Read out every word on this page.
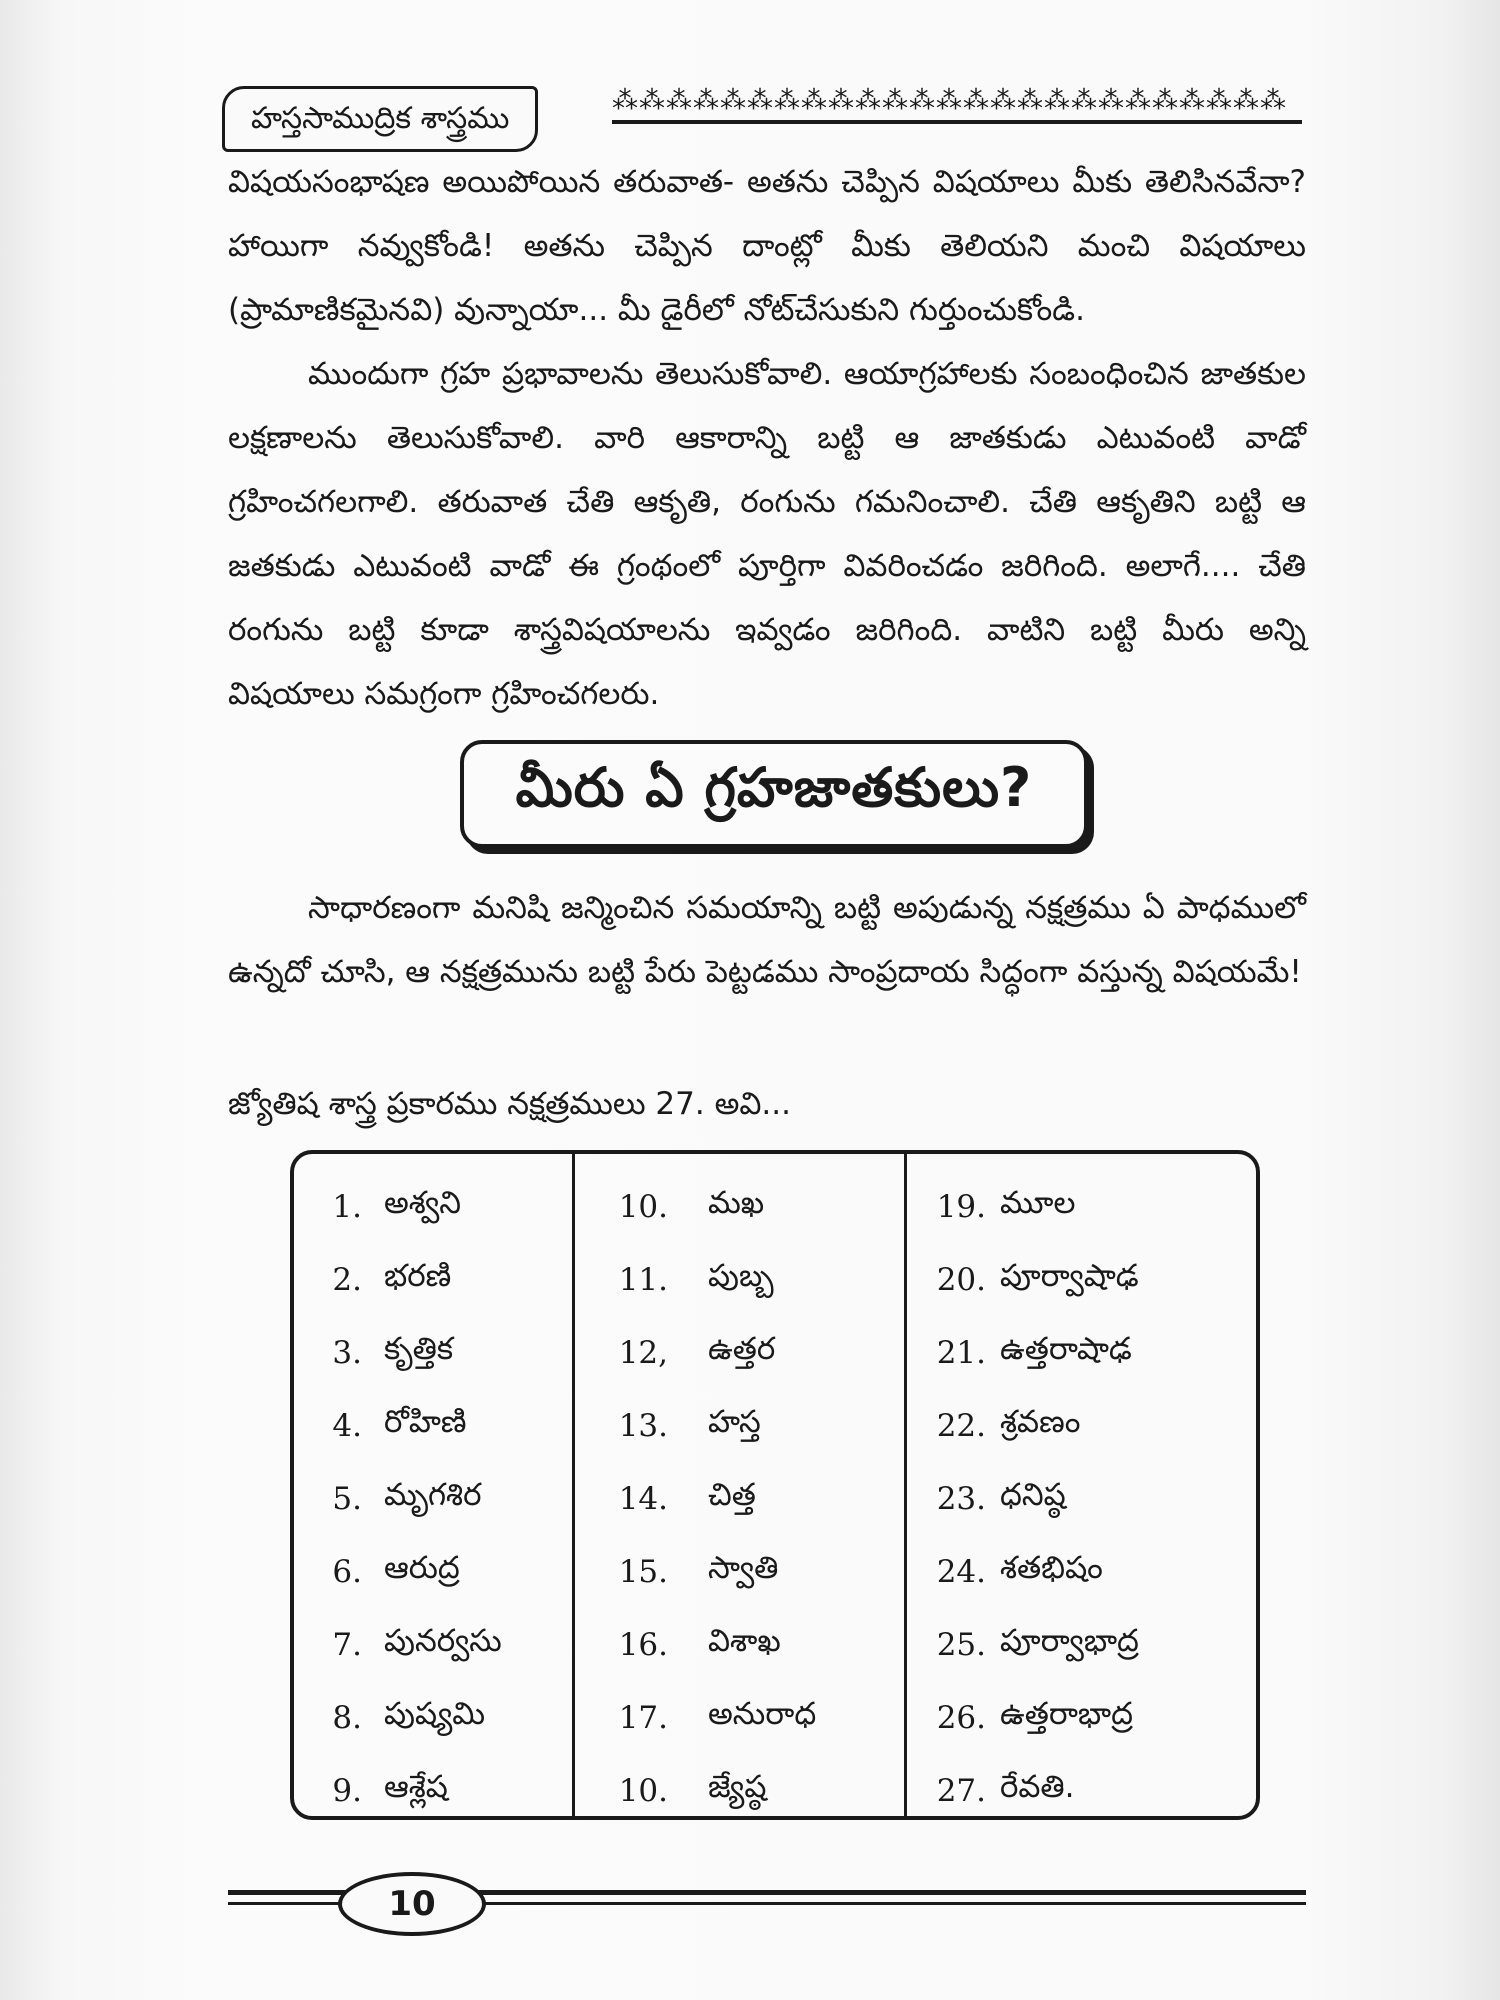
హస్తసాముద్రిక శాస్త్రము	⁂⁂⁂⁂⁂⁂⁂⁂⁂⁂⁂⁂⁂⁂⁂⁂⁂⁂⁂⁂⁂⁂⁂⁂⁂

విషయసంభాషణ అయిపోయిన తరువాత- అతను చెప్పిన విషయాలు మీకు తెలిసినవేనా? హాయిగా నవ్వుకోండి! అతను చెప్పిన దాంట్లో మీకు తెలియని మంచి విషయాలు (ప్రామాణికమైనవి) వున్నాయా... మీ డైరీలో నోట్‌చేసుకుని గుర్తుంచుకోండి.

ముందుగా గ్రహ ప్రభావాలను తెలుసుకోవాలి. ఆయాగ్రహాలకు సంబంధించిన జాతకుల లక్షణాలను తెలుసుకోవాలి. వారి ఆకారాన్ని బట్టి ఆ జాతకుడు ఎటువంటి వాడో గ్రహించగలగాలి. తరువాత చేతి ఆకృతి, రంగును గమనించాలి. చేతి ఆకృతిని బట్టి ఆ జతకుడు ఎటువంటి వాడో ఈ గ్రంథంలో పూర్తిగా వివరించడం జరిగింది. అలాగే.... చేతి రంగును బట్టి కూడా శాస్త్రవిషయాలను ఇవ్వడం జరిగింది. వాటిని బట్టి మీరు అన్ని విషయాలు సమగ్రంగా గ్రహించగలరు.

మీరు ఏ గ్రహజాతకులు?

సాధారణంగా మనిషి జన్మించిన సమయాన్ని బట్టి అపుడున్న నక్షత్రము ఏ పాధములో ఉన్నదో చూసి, ఆ నక్షత్రమును బట్టి పేరు పెట్టడము సాంప్రదాయ సిద్ధంగా వస్తున్న విషయమే!

జ్యోతిష శాస్త్ర ప్రకారము నక్షత్రములు 27. అవి...

1. అశ్వని
2. భరణి
3. కృత్తిక
4. రోహిణి
5. మృగశిర
6. ఆరుద్ర
7. పునర్వసు
8. పుష్యమి
9. ఆశ్లేష
10. మఖ
11. పుబ్బ
12, ఉత్తర
13. హస్త
14. చిత్త
15. స్వాతి
16. విశాఖ
17. అనురాధ
10. జ్యేష్ఠ
19. మూల
20. పూర్వాషాఢ
21. ఉత్తరాషాఢ
22. శ్రవణం
23. ధనిష్ఠ
24. శతభిషం
25. పూర్వాభాద్ర
26. ఉత్తరాభాద్ర
27. రేవతి.
10
